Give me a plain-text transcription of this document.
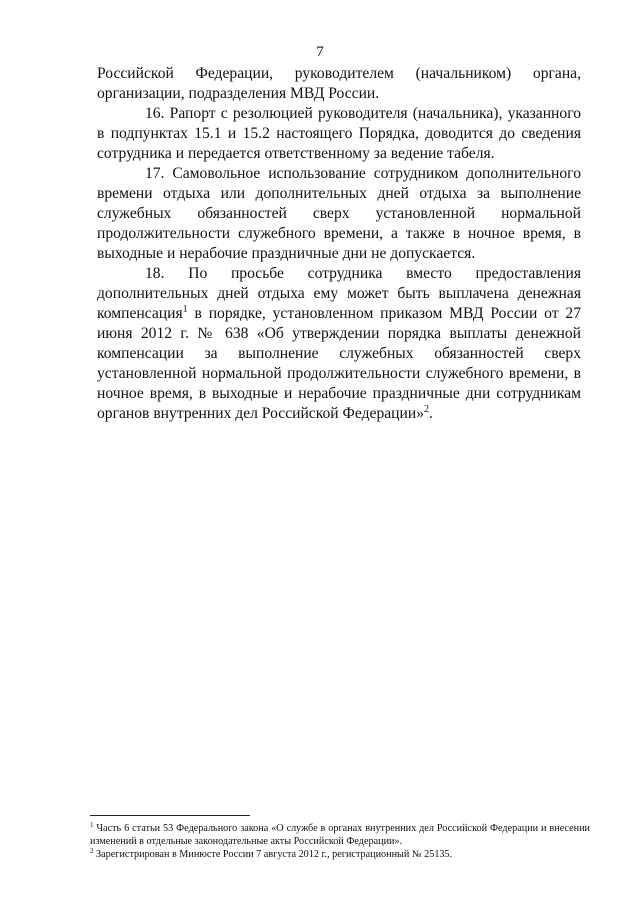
7

Российской Федерации, руководителем (начальником) органа, организации, подразделения МВД России.

16. Рапорт с резолюцией руководителя (начальника), указанного в подпунктах 15.1 и 15.2 настоящего Порядка, доводится до сведения сотрудника и передается ответственному за ведение табеля.

17. Самовольное использование сотрудником дополнительного времени отдыха или дополнительных дней отдыха за выполнение служебных обязанностей сверх установленной нормальной продолжительности служебного времени, а также в ночное время, в выходные и нерабочие праздничные дни не допускается.

18. По просьбе сотрудника вместо предоставления дополнительных дней отдыха ему может быть выплачена денежная компенсация$^1$ в порядке, установленном приказом МВД России от 27 июня 2012 г. № 638 «Об утверждении порядка выплаты денежной компенсации за выполнение служебных обязанностей сверх установленной нормальной продолжительности служебного времени, в ночное время, в выходные и нерабочие праздничные дни сотрудникам органов внутренних дел Российской Федерации»$^2$.

$^1$ Часть 6 статьи 53 Федерального закона «О службе в органах внутренних дел Российской Федерации и внесении изменений в отдельные законодательные акты Российской Федерации».

$^2$ Зарегистрирован в Минюсте России 7 августа 2012 г., регистрационный № 25135.
